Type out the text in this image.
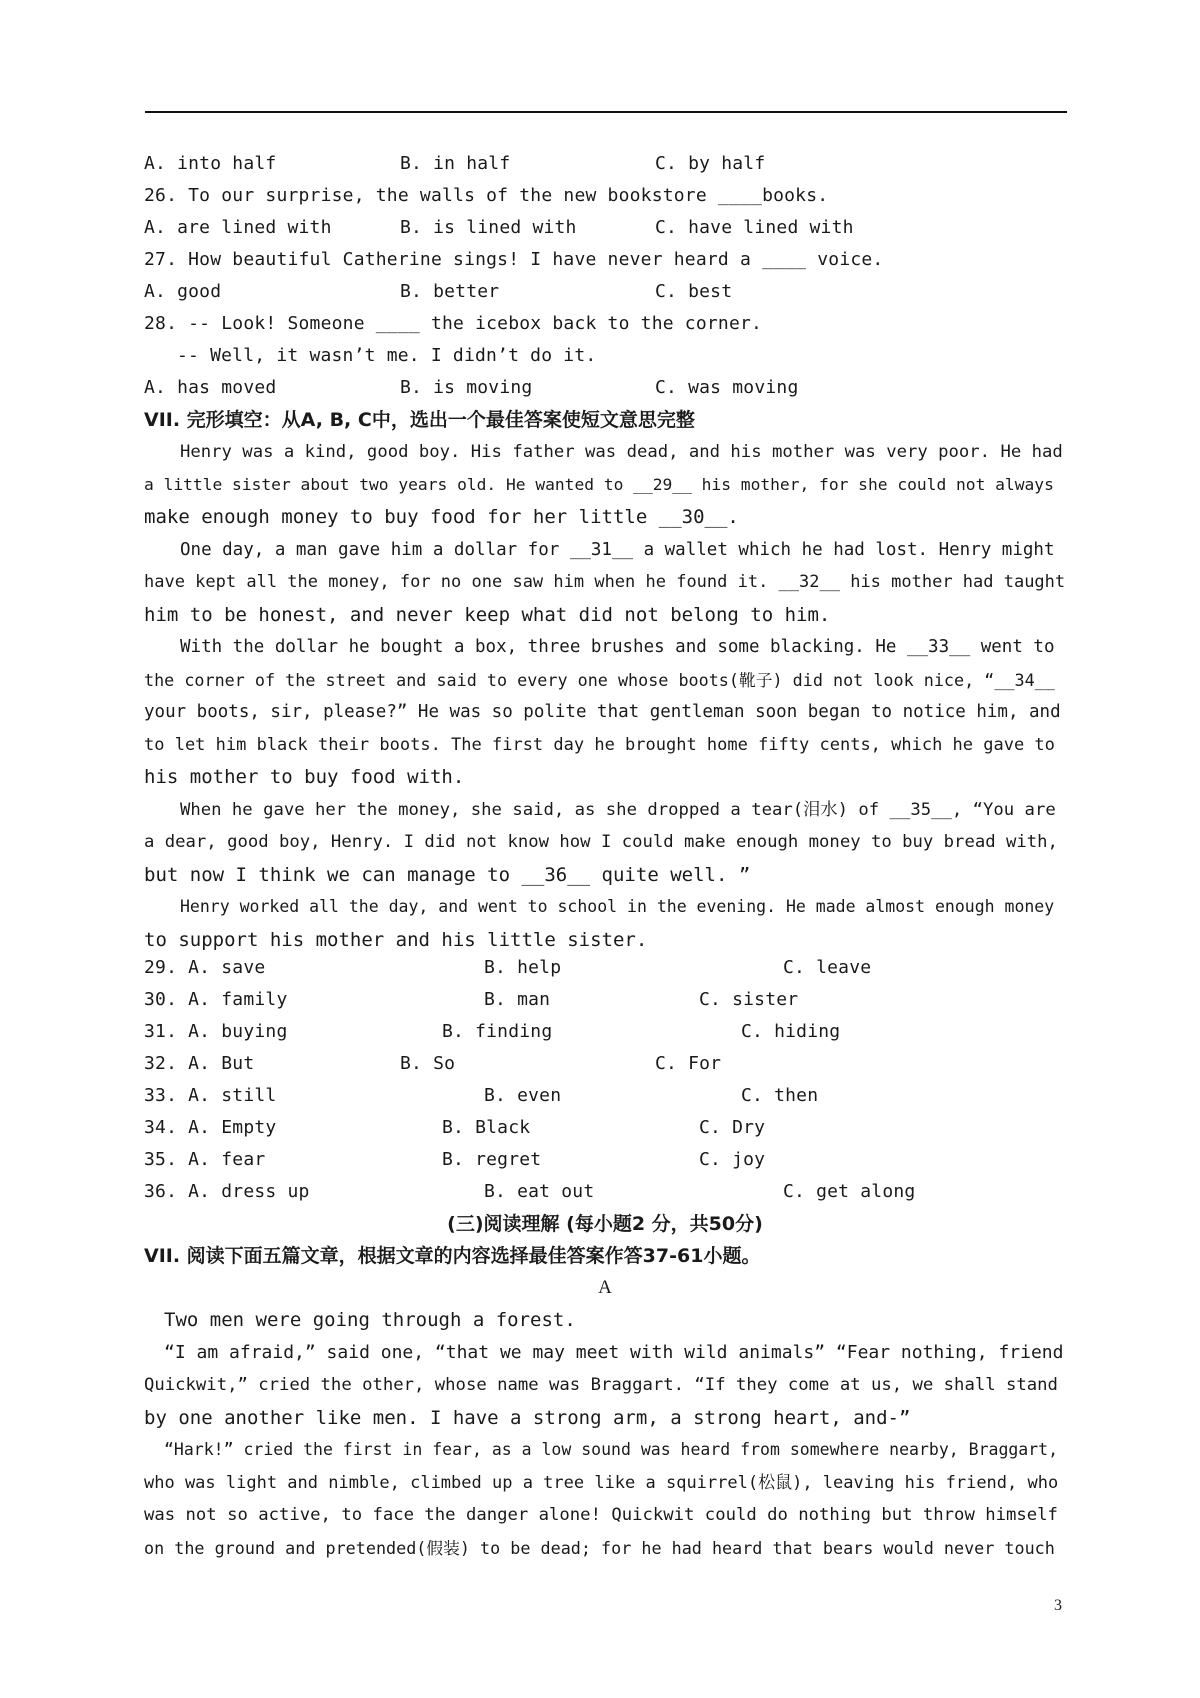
A. into half	B. in half	C. by half
26. To our surprise, the walls of the new bookstore ____books.
A. are lined with	B. is lined with	C. have lined with
27. How beautiful Catherine sings! I have never heard a ____ voice.
A. good	B. better	C. best
28. -- Look! Someone ____ the icebox back to the corner.
-- Well, it wasn’t me. I didn’t do it.
A. has moved	B. is moving	C. was moving
VII. 完形填空：从A, B, C中，选出一个最佳答案使短文意思完整
Henry was a kind, good boy. His father was dead, and his mother was very poor. He had
a little sister about two years old. He wanted to __29__ his mother, for she could not always
make enough money to buy food for her little __30__.
One day, a man gave him a dollar for __31__ a wallet which he had lost. Henry might
have kept all the money, for no one saw him when he found it. __32__ his mother had taught
him to be honest, and never keep what did not belong to him.
With the dollar he bought a box, three brushes and some blacking. He __33__ went to
the corner of the street and said to every one whose boots(靴子) did not look nice, “__34__
your boots, sir, please?” He was so polite that gentleman soon began to notice him, and
to let him black their boots. The first day he brought home fifty cents, which he gave to
his mother to buy food with.
When he gave her the money, she said, as she dropped a tear(泪水) of __35__, “You are
a dear, good boy, Henry. I did not know how I could make enough money to buy bread with,
but now I think we can manage to __36__ quite well. ”
Henry worked all the day, and went to school in the evening. He made almost enough money
to support his mother and his little sister.
29. A. save	B. help	C. leave
30. A. family	B. man	C. sister
31. A. buying	B. finding	C. hiding
32. A. But	B. So	C. For
33. A. still	B. even	C. then
34. A. Empty	B. Black	C. Dry
35. A. fear	B. regret	C. joy
36. A. dress up	B. eat out	C. get along
(三)阅读理解 (每小题2 分，共50分)
VII. 阅读下面五篇文章，根据文章的内容选择最佳答案作答37-61小题。
A
Two men were going through a forest.
“I am afraid,” said one, “that we may meet with wild animals” “Fear nothing, friend
Quickwit,” cried the other, whose name was Braggart. “If they come at us, we shall stand
by one another like men. I have a strong arm, a strong heart, and-”
“Hark!” cried the first in fear, as a low sound was heard from somewhere nearby, Braggart,
who was light and nimble, climbed up a tree like a squirrel(松鼠), leaving his friend, who
was not so active, to face the danger alone! Quickwit could do nothing but throw himself
on the ground and pretended(假装) to be dead; for he had heard that bears would never touch
3
